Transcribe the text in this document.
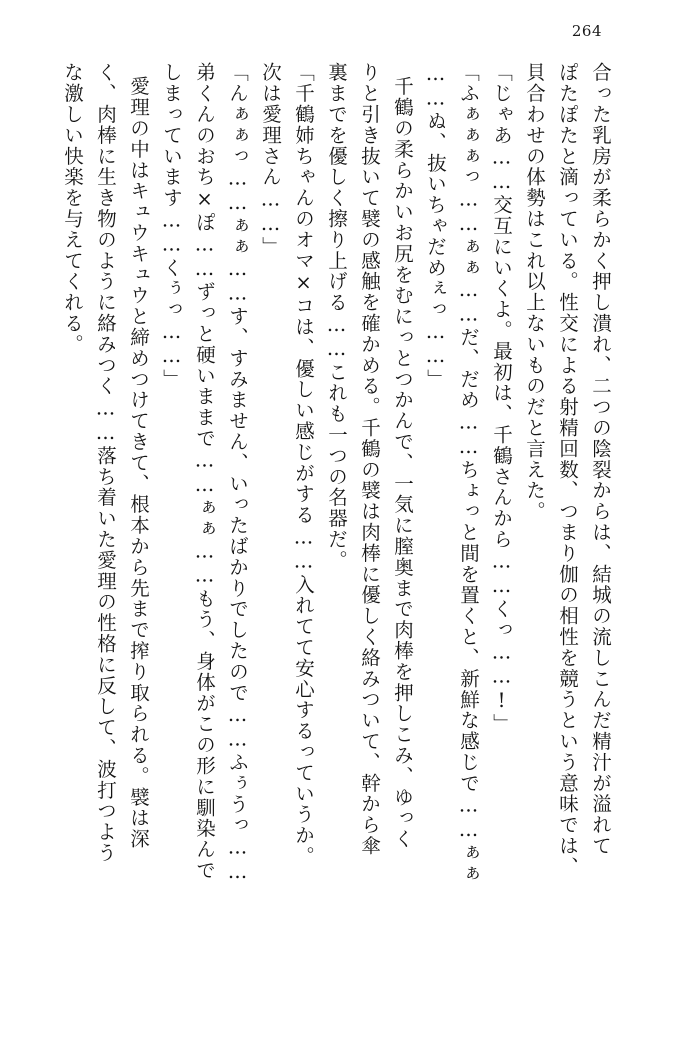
264
合った乳房が柔らかく押し潰れ、二つの陰裂からは、結城の流しこんだ精汁が溢れて
ぽたぽたと滴っている。性交による射精回数、つまり伽の相性を競うという意味では、
貝合わせの体勢はこれ以上ないものだと言えた。
「じゃあ……交互にいくよ。最初は、千鶴さんから……くっ……!」
「ふぁぁぁっ……ぁぁ……だ、だめ……ちょっと間を置くと、新鮮な感じで……ぁぁ
……ぬ、抜いちゃだめぇっ……」
千鶴の柔らかいお尻をむにっとつかんで、一気に膣奥まで肉棒を押しこみ、ゆっく
りと引き抜いて襞の感触を確かめる。千鶴の襞は肉棒に優しく絡みついて、幹から傘
裏までを優しく擦り上げる……これも一つの名器だ。
「千鶴姉ちゃんのオマ×コは、優しい感じがする……入れてて安心するっていうか。
次は愛理さん……」
「んぁぁっ……ぁぁ……す、すみません、いったばかりでしたので……ふぅうっ……
弟くんのおち×ぽ……ずっと硬いままで……ぁぁ……もう、身体がこの形に馴染んで
しまっています……くぅっ……」
愛理の中はキュウキュウと締めつけてきて、根本から先まで搾り取られる。襞は深
く、肉棒に生き物のように絡みつく……落ち着いた愛理の性格に反して、波打つよう
な激しい快楽を与えてくれる。
